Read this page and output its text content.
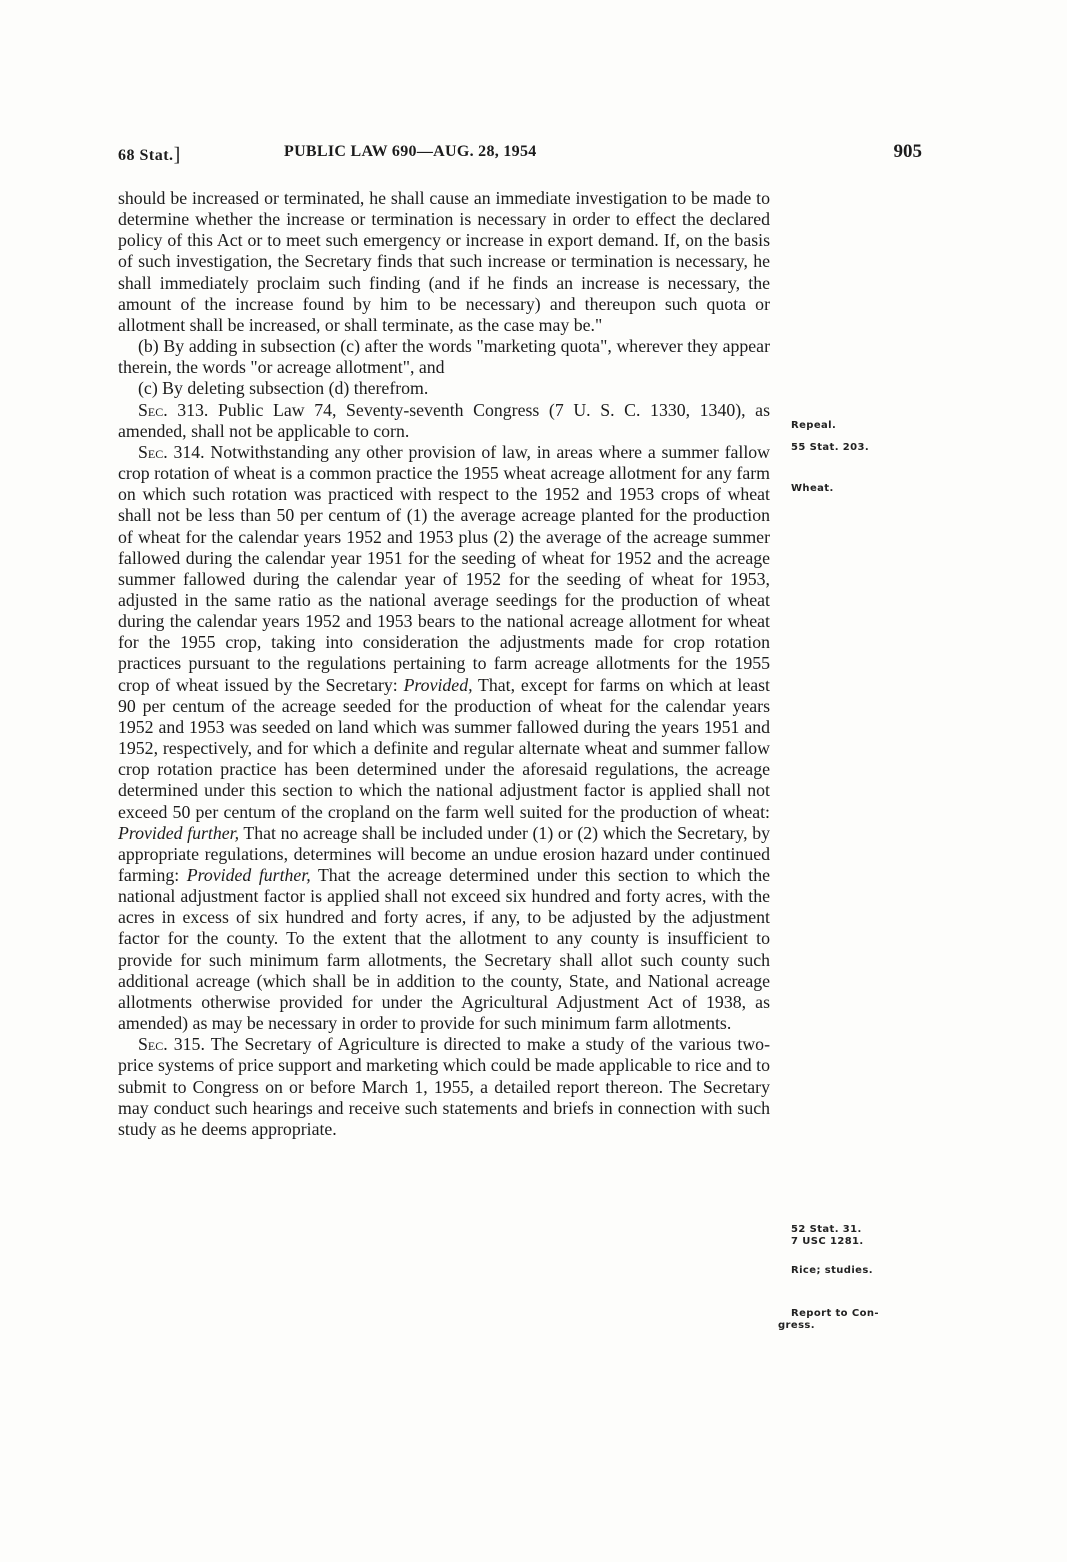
68 Stat.]	PUBLIC LAW 690—AUG. 28, 1954	905

should be increased or terminated, he shall cause an immediate investigation to be made to determine whether the increase or termination is necessary in order to effect the declared policy of this Act or to meet such emergency or increase in export demand. If, on the basis of such investigation, the Secretary finds that such increase or termination is necessary, he shall immediately proclaim such finding (and if he finds an increase is necessary, the amount of the increase found by him to be necessary) and thereupon such quota or allotment shall be increased, or shall terminate, as the case may be."

(b) By adding in subsection (c) after the words "marketing quota", wherever they appear therein, the words "or acreage allotment", and

(c) By deleting subsection (d) therefrom.

Sec. 313. Public Law 74, Seventy-seventh Congress (7 U. S. C. 1330, 1340), as amended, shall not be applicable to corn.

Sec. 314. Notwithstanding any other provision of law, in areas where a summer fallow crop rotation of wheat is a common practice the 1955 wheat acreage allotment for any farm on which such rotation was practiced with respect to the 1952 and 1953 crops of wheat shall not be less than 50 per centum of (1) the average acreage planted for the production of wheat for the calendar years 1952 and 1953 plus (2) the average of the acreage summer fallowed during the calendar year 1951 for the seeding of wheat for 1952 and the acreage summer fallowed during the calendar year of 1952 for the seeding of wheat for 1953, adjusted in the same ratio as the national average seedings for the production of wheat during the calendar years 1952 and 1953 bears to the national acreage allotment for wheat for the 1955 crop, taking into consideration the adjustments made for crop rotation practices pursuant to the regulations pertaining to farm acreage allotments for the 1955 crop of wheat issued by the Secretary: Provided, That, except for farms on which at least 90 per centum of the acreage seeded for the production of wheat for the calendar years 1952 and 1953 was seeded on land which was summer fallowed during the years 1951 and 1952, respectively, and for which a definite and regular alternate wheat and summer fallow crop rotation practice has been determined under the aforesaid regulations, the acreage determined under this section to which the national adjustment factor is applied shall not exceed 50 per centum of the cropland on the farm well suited for the production of wheat: Provided further, That no acreage shall be included under (1) or (2) which the Secretary, by appropriate regulations, determines will become an undue erosion hazard under continued farming: Provided further, That the acreage determined under this section to which the national adjustment factor is applied shall not exceed six hundred and forty acres, with the acres in excess of six hundred and forty acres, if any, to be adjusted by the adjustment factor for the county. To the extent that the allotment to any county is insufficient to provide for such minimum farm allotments, the Secretary shall allot such county such additional acreage (which shall be in addition to the county, State, and National acreage allotments otherwise provided for under the Agricultural Adjustment Act of 1938, as amended) as may be necessary in order to provide for such minimum farm allotments.

Sec. 315. The Secretary of Agriculture is directed to make a study of the various two-price systems of price support and marketing which could be made applicable to rice and to submit to Congress on or before March 1, 1955, a detailed report thereon. The Secretary may conduct such hearings and receive such statements and briefs in connection with such study as he deems appropriate.

Repeal.
55 Stat. 203.
Wheat.
52 Stat. 31.
7 USC 1281.
Rice; studies.
Report to Con-
gress.
